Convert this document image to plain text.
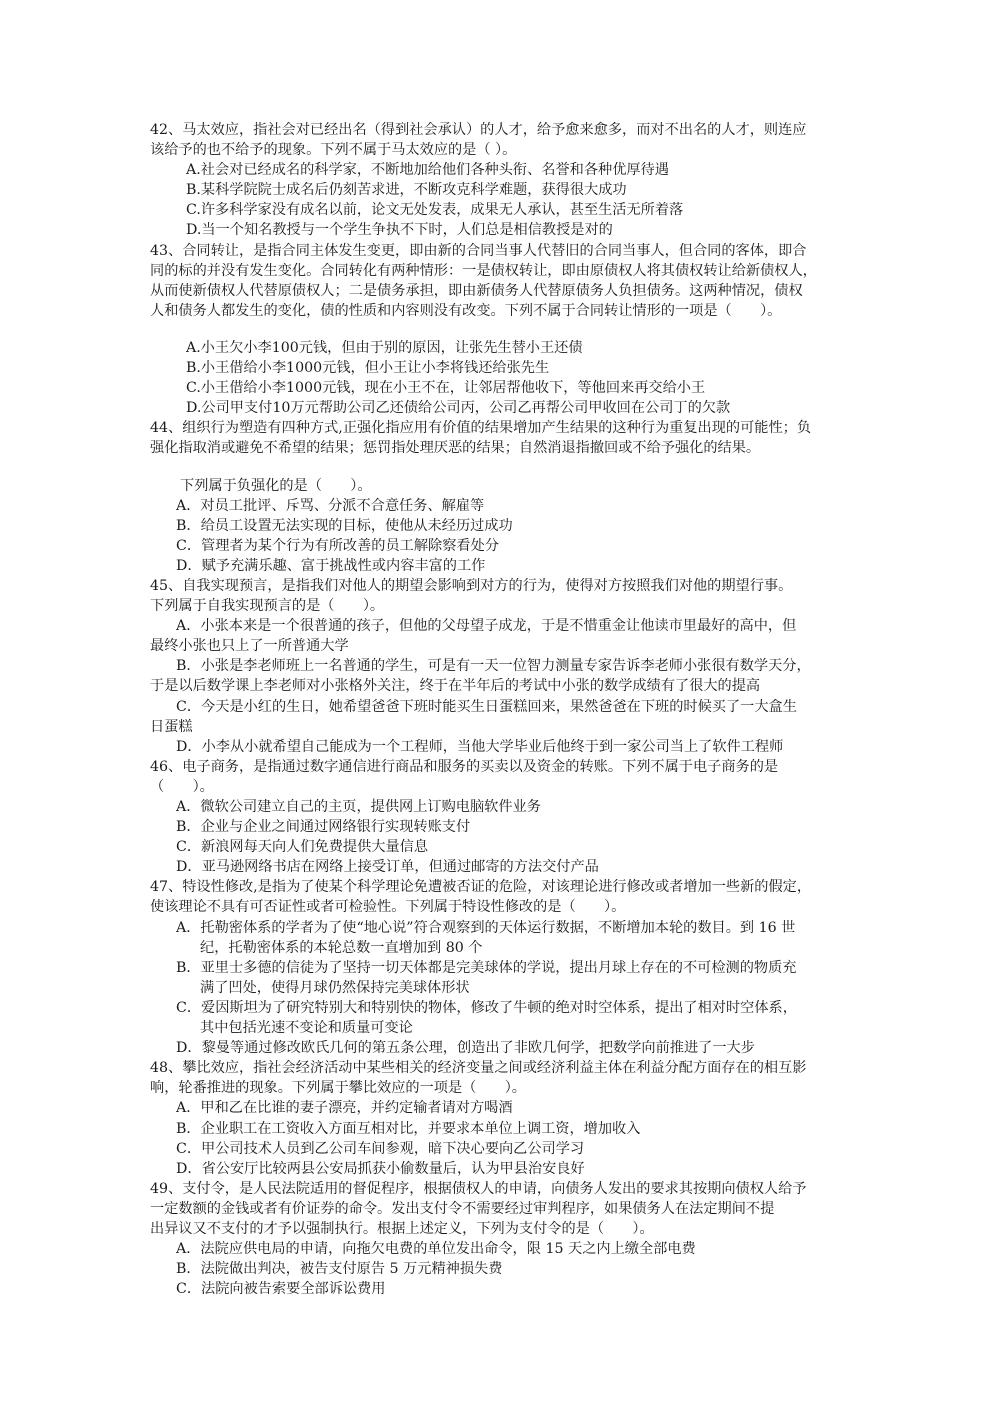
42、马太效应，指社会对已经出名（得到社会承认）的人才，给予愈来愈多，而对不出名的人才，则连应

该给予的也不给予的现象。下列不属于马太效应的是（ ）。

A.社会对已经成名的科学家，不断地加给他们各种头衔、名誉和各种优厚待遇

B.某科学院院士成名后仍刻苦求进，不断攻克科学难题，获得很大成功

C.许多科学家没有成名以前，论文无处发表，成果无人承认，甚至生活无所着落

D.当一个知名教授与一个学生争执不下时，人们总是相信教授是对的

43、合同转让，是指合同主体发生变更，即由新的合同当事人代替旧的合同当事人，但合同的客体，即合

同的标的并没有发生变化。合同转化有两种情形：一是债权转让，即由原债权人将其债权转让给新债权人，

从而使新债权人代替原债权人；二是债务承担，即由新债务人代替原债务人负担债务。这两种情况，债权

人和债务人都发生的变化，债的性质和内容则没有改变。下列不属于合同转让情形的一项是（　　）。

A.小王欠小李100元钱，但由于别的原因，让张先生替小王还债

B.小王借给小李1000元钱，但小王让小李将钱还给张先生

C.小王借给小李1000元钱，现在小王不在，让邻居帮他收下，等他回来再交给小王

D.公司甲支付10万元帮助公司乙还债给公司丙，公司乙再帮公司甲收回在公司丁的欠款

44、组织行为塑造有四种方式,正强化指应用有价值的结果增加产生结果的这种行为重复出现的可能性；负

强化指取消或避免不希望的结果；惩罚指处理厌恶的结果；自然消退指撤回或不给予强化的结果。

下列属于负强化的是（　　）。

A．对员工批评、斥骂、分派不合意任务、解雇等

B．给员工设置无法实现的目标，使他从未经历过成功

C．管理者为某个行为有所改善的员工解除察看处分

D．赋予充满乐趣、富于挑战性或内容丰富的工作

45、自我实现预言，是指我们对他人的期望会影响到对方的行为，使得对方按照我们对他的期望行事。

下列属于自我实现预言的是（　　）。

A．小张本来是一个很普通的孩子，但他的父母望子成龙，于是不惜重金让他读市里最好的高中，但

最终小张也只上了一所普通大学

B．小张是李老师班上一名普通的学生，可是有一天一位智力测量专家告诉李老师小张很有数学天分，

于是以后数学课上李老师对小张格外关注，终于在半年后的考试中小张的数学成绩有了很大的提高

C．今天是小红的生日，她希望爸爸下班时能买生日蛋糕回来，果然爸爸在下班的时候买了一大盒生

日蛋糕

D．小李从小就希望自己能成为一个工程师，当他大学毕业后他终于到一家公司当上了软件工程师

46、电子商务，是指通过数字通信进行商品和服务的买卖以及资金的转账。下列不属于电子商务的是

（　　）。

A．微软公司建立自己的主页，提供网上订购电脑软件业务

B．企业与企业之间通过网络银行实现转账支付

C．新浪网每天向人们免费提供大量信息

D．亚马逊网络书店在网络上接受订单，但通过邮寄的方法交付产品

47、特设性修改,是指为了使某个科学理论免遭被否证的危险，对该理论进行修改或者增加一些新的假定，

使该理论不具有可否证性或者可检验性。下列属于特设性修改的是（　　）。

A．托勒密体系的学者为了使“地心说”符合观察到的天体运行数据，不断增加本轮的数目。到 16 世

纪，托勒密体系的本轮总数一直增加到 80 个

B．亚里士多德的信徒为了坚持一切天体都是完美球体的学说，提出月球上存在的不可检测的物质充

满了凹处，使得月球仍然保持完美球体形状

C．爱因斯坦为了研究特别大和特别快的物体，修改了牛顿的绝对时空体系，提出了相对时空体系，

其中包括光速不变论和质量可变论

D．黎曼等通过修改欧氏几何的第五条公理，创造出了非欧几何学，把数学向前推进了一大步

48、攀比效应，指社会经济活动中某些相关的经济变量之间或经济利益主体在利益分配方面存在的相互影

响，轮番推进的现象。下列属于攀比效应的一项是（　　）。

A．甲和乙在比谁的妻子漂亮，并约定输者请对方喝酒

B．企业职工在工资收入方面互相对比，并要求本单位上调工资，增加收入

C．甲公司技术人员到乙公司车间参观，暗下决心要向乙公司学习

D．省公安厅比较两县公安局抓获小偷数量后，认为甲县治安良好

49、支付令，是人民法院适用的督促程序，根据债权人的申请，向债务人发出的要求其按期向债权人给予

一定数额的金钱或者有价证券的命令。发出支付令不需要经过审判程序，如果债务人在法定期间不提

出异议又不支付的才予以强制执行。根据上述定义，下列为支付令的是（　　）。

A．法院应供电局的申请，向拖欠电费的单位发出命令，限 15 天之内上缴全部电费

B．法院做出判决，被告支付原告 5 万元精神损失费

C．法院向被告索要全部诉讼费用
